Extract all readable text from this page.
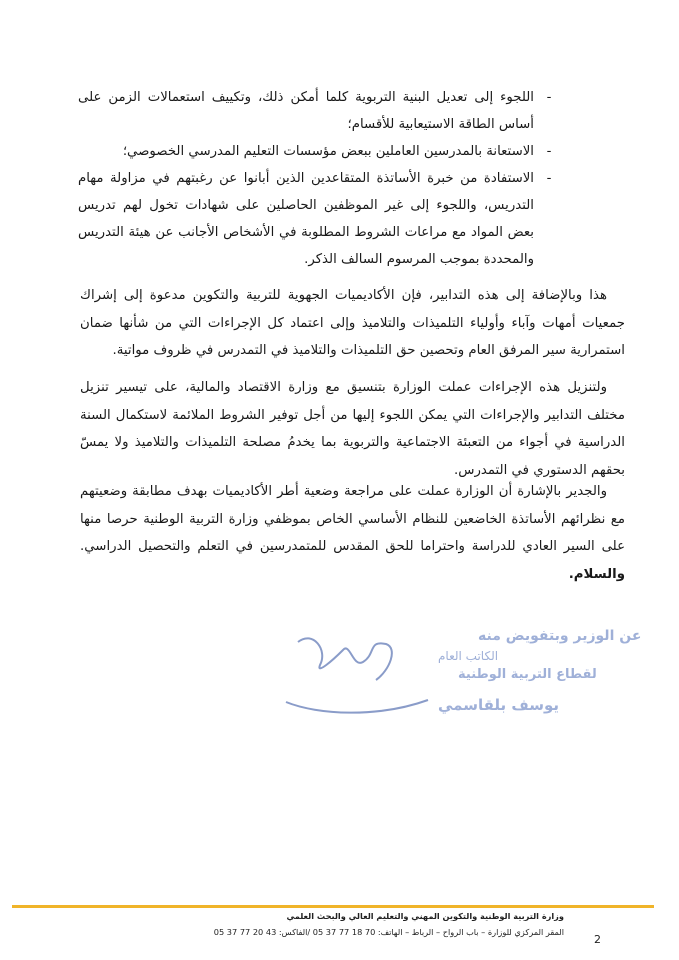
-
اللجوء إلى تعديل البنية التربوية كلما أمكن ذلك، وتكييف استعمالات الزمن على أساس الطاقة الاستيعابية للأقسام؛
-
الاستعانة بالمدرسين العاملين ببعض مؤسسات التعليم المدرسي الخصوصي؛
-
الاستفادة من خبرة الأساتذة المتقاعدين الذين أبانوا عن رغبتهم في مزاولة مهام التدريس، واللجوء إلى غير الموظفين الحاصلين على شهادات تخول لهم تدريس بعض المواد مع مراعات الشروط المطلوبة في الأشخاص الأجانب عن هيئة التدريس والمحددة بموجب المرسوم السالف الذكر.
هذا وبالإضافة إلى هذه التدابير، فإن الأكاديميات الجهوية للتربية والتكوين مدعوة إلى إشراك جمعيات أمهات وآباء وأولياء التلميذات والتلاميذ وإلى اعتماد كل الإجراءات التي من شأنها ضمان استمرارية سير المرفق العام وتحصين حق التلميذات والتلاميذ في التمدرس في ظروف مواتية.
ولتنزيل هذه الإجراءات عملت الوزارة بتنسيق مع وزارة الاقتصاد والمالية، على تيسير تنزيل مختلف التدابير والإجراءات التي يمكن اللجوء إليها من أجل توفير الشروط الملائمة لاستكمال السنة الدراسية في أجواء من التعبئة الاجتماعية والتربوية بما يخدمُ مصلحة التلميذات والتلاميذ ولا يمسّ بحقهم الدستوري في التمدرس.
والجدير بالإشارة أن الوزارة عملت على مراجعة وضعية أطر الأكاديميات بهدف مطابقة وضعيتهم مع نظرائهم الأساتذة الخاضعين للنظام الأساسي الخاص بموظفي وزارة التربية الوطنية حرصا منها على السير العادي للدراسة واحتراما للحق المقدس للمتمدرسين في التعلم والتحصيل الدراسي. والسلام.
عن الوزير وبتفويض منه
الكاتب العام
لقطاع التربية الوطنية
يوسف بلقاسمي
وزارة التربية الوطنية والتكوين المهني والتعليم العالي والبحث العلمي
المقر المركزي للوزارة – باب الرواح – الرباط – الهاتف: 70 18 77 37 05 /الفاكس: 43 20 77 37 05
2
